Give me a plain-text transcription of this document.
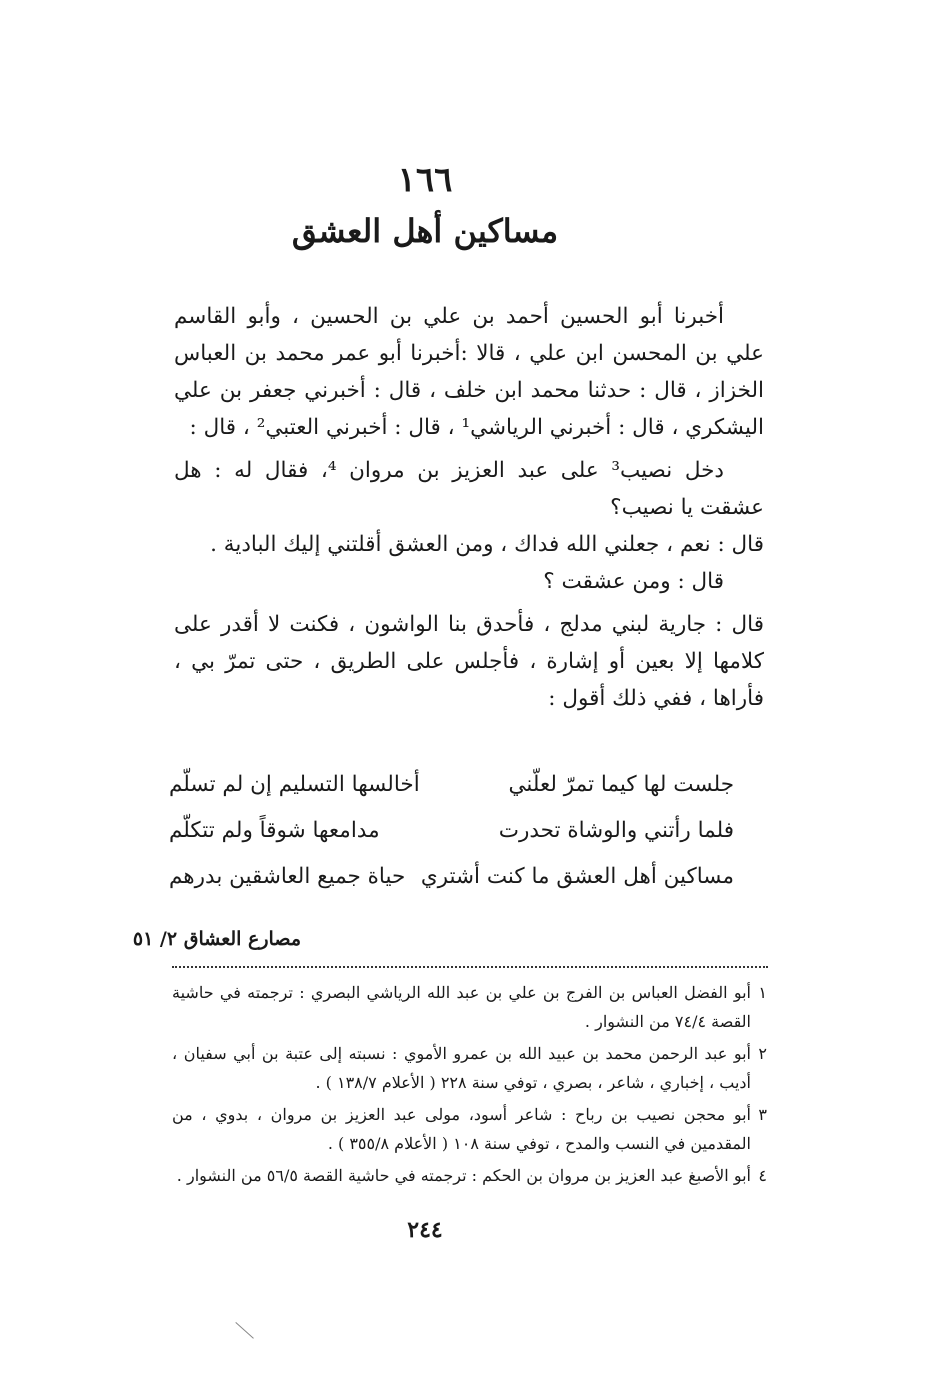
١٦٦
مساكين أهل العشق

أخبرنا أبو الحسين أحمد بن علي بن الحسين ، وأبو القاسم علي بن المحسن ابن علي ، قالا :أخبرنا أبو عمر محمد بن العباس الخزاز ، قال : حدثنا محمد ابن خلف ، قال : أخبرني جعفر بن علي اليشكري ، قال : أخبرني الرياشي¹ ، قال : أخبرني العتبي² ، قال :

دخل نصيب³ على عبد العزيز بن مروان ⁴، فقال له : هل عشقت يا نصيب؟

قال : نعم ، جعلني الله فداك ، ومن العشق أقلتني إليك البادية .

قال : ومن عشقت ؟

قال : جارية لبني مدلج ، فأحدق بنا الواشون ، فكنت لا أقدر على كلامها إلا بعين أو إشارة ، فأجلس على الطريق ، حتى تمرّ بي ، فأراها ، ففي ذلك أقول :

جلست لها كيما تمرّ لعلّني
أخالسها التسليم إن لم تسلّم
فلما رأتني والوشاة تحدرت
مدامعها شوقاً ولم تتكلّم
مساكين أهل العشق ما كنت أشتري
حياة جميع العاشقين بدرهم
مصارع العشاق ٢/ ٥١
١
أبو الفضل العباس بن الفرج بن علي بن عبد الله الرياشي البصري : ترجمته في حاشية القصة ٧٤/٤ من النشوار .
٢
أبو عبد الرحمن محمد بن عبيد الله بن عمرو الأموي : نسبته إلى عتبة بن أبي سفيان ، أديب ، إخباري ، شاعر ، بصري ، توفي سنة ٢٢٨ ( الأعلام ١٣٨/٧ ) .
٣
أبو محجن نصيب بن رباح : شاعر أسود، مولى عبد العزيز بن مروان ، بدوي ، من المقدمين في النسب والمدح ، توفي سنة ١٠٨ ( الأعلام ٣٥٥/٨ ) .
٤
أبو الأصبغ عبد العزيز بن مروان بن الحكم : ترجمته في حاشية القصة ٥٦/٥ من النشوار .
٢٤٤
